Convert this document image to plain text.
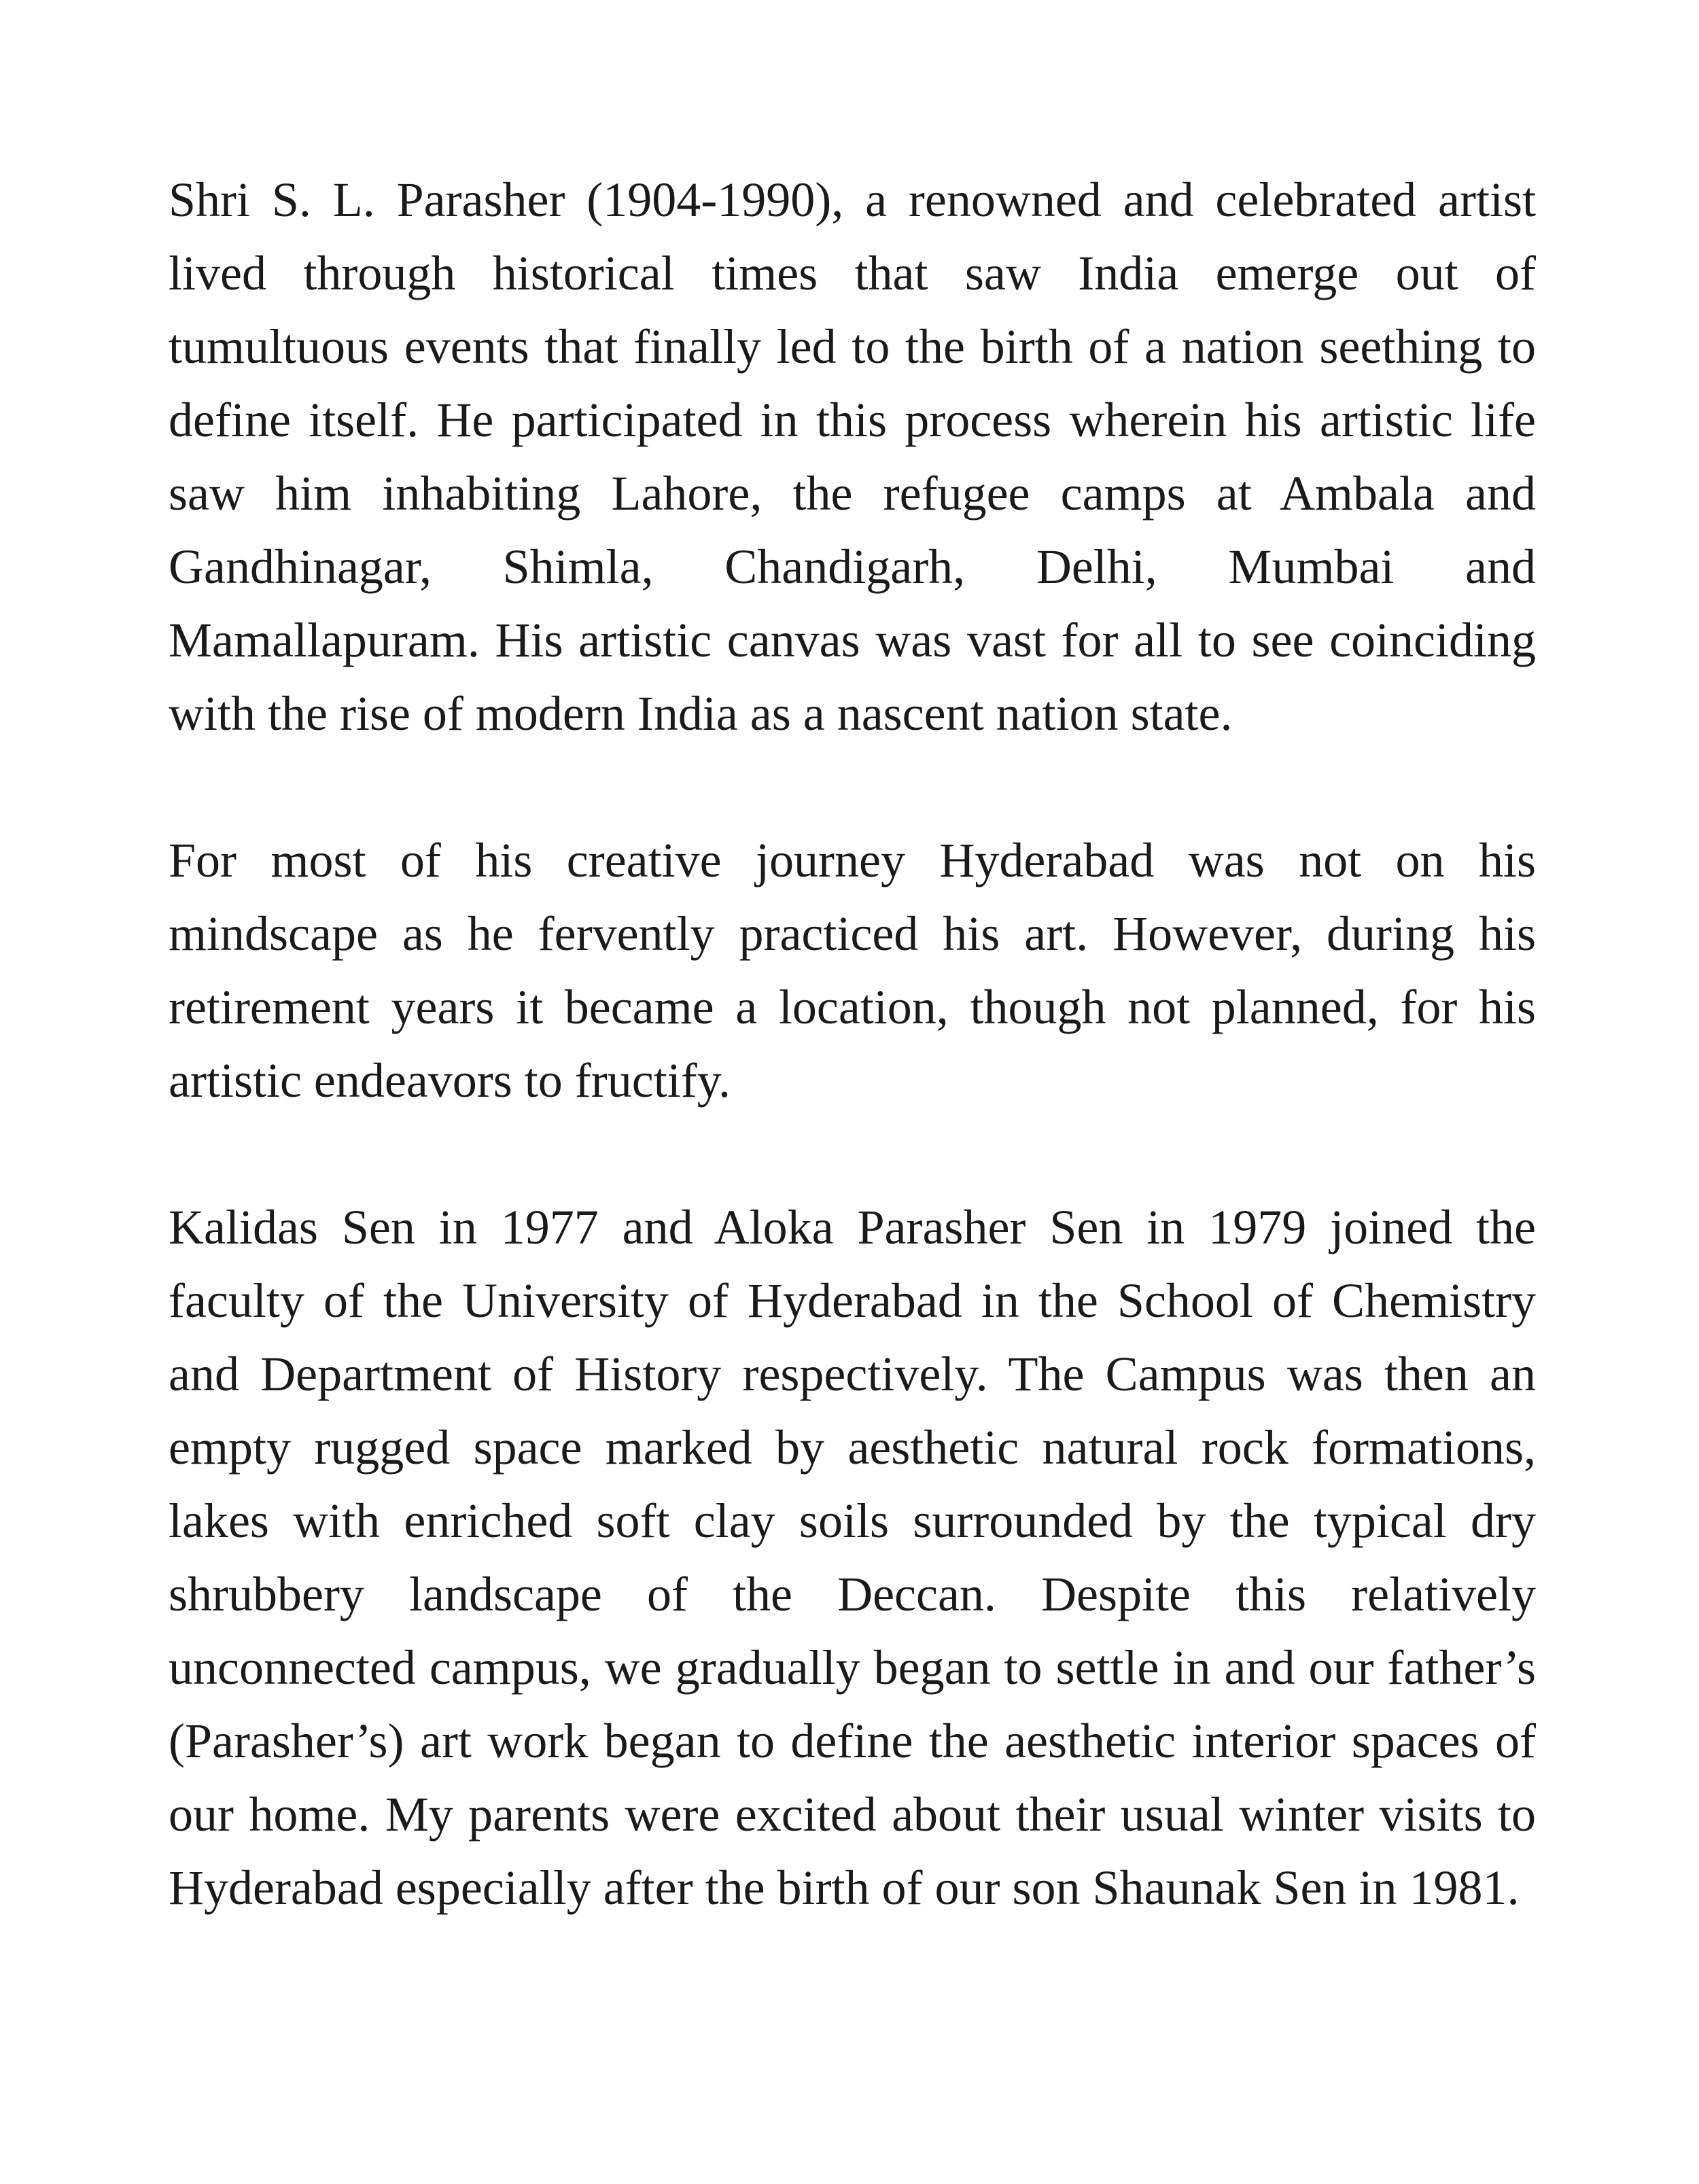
Shri S. L. Parasher (1904-1990), a renowned and celebrated artist lived through historical times that saw India emerge out of tumultuous events that finally led to the birth of a nation seething to define itself. He participated in this process wherein his artistic life saw him inhabiting Lahore, the refugee camps at Ambala and Gandhinagar, Shimla, Chandigarh, Delhi, Mumbai and Mamallapuram. His artistic canvas was vast for all to see coinciding with the rise of modern India as a nascent nation state.

For most of his creative journey Hyderabad was not on his mindscape as he fervently practiced his art. However, during his retirement years it became a location, though not planned, for his artistic endeavors to fructify.

Kalidas Sen in 1977 and Aloka Parasher Sen in 1979 joined the faculty of the University of Hyderabad in the School of Chemistry and Department of History respectively. The Campus was then an empty rugged space marked by aesthetic natural rock formations, lakes with enriched soft clay soils surrounded by the typical dry shrubbery landscape of the Deccan. Despite this relatively unconnected campus, we gradually began to settle in and our father’s (Parasher’s) art work began to define the aesthetic interior spaces of our home. My parents were excited about their usual winter visits to Hyderabad especially after the birth of our son Shaunak Sen in 1981.
